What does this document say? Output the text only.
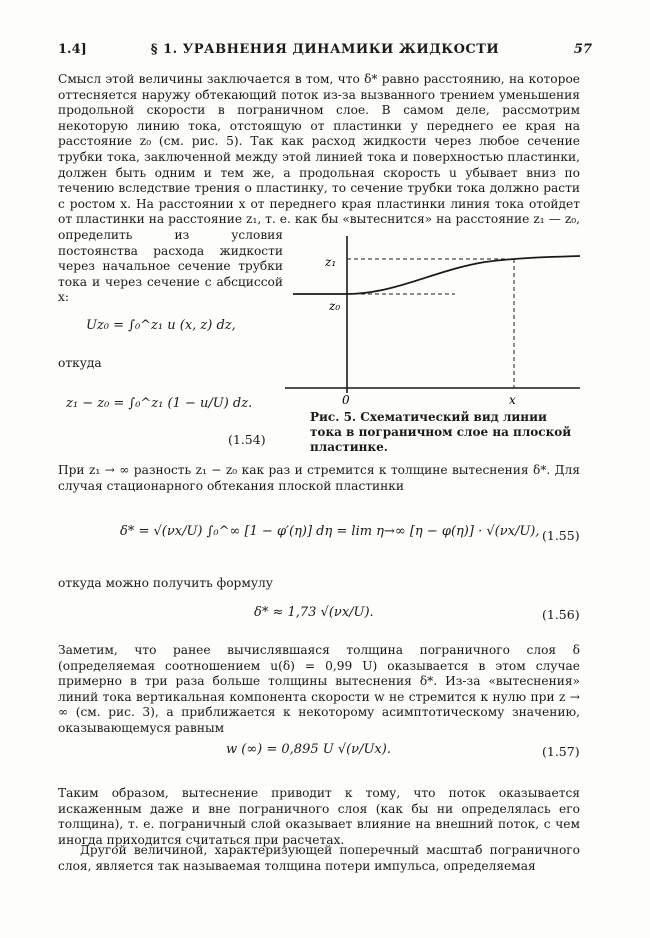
1.4]	§ 1. УРАВНЕНИЯ ДИНАМИКИ ЖИДКОСТИ	57
Смысл этой величины заключается в том, что δ* равно расстоянию, на которое оттесняется наружу обтекающий поток из-за вызванного трением уменьшения продольной скорости в пограничном слое. В самом деле, рассмотрим некоторую линию тока, отстоящую от пластинки у переднего ее края на расстояние z₀ (см. рис. 5). Так как расход жидкости через любое сечение трубки тока, заключенной между этой линией тока и поверхностью пластинки, должен быть одним и тем же, а продольная скорость u убывает вниз по течению вследствие трения о пластинку, то сечение трубки тока должно расти с ростом x. На расстоянии x от переднего края пластинки линия тока отойдет от пластинки на расстояние z₁, т. е. как бы «вытеснится» на расстояние z₁ — z₀,
определить из условия постоянства расхода жидкости через начальное сечение трубки тока и через сечение с абсциссой x:
Uz₀ = ∫₀^z₁ u (x, z) dz,
откуда
z₁ − z₀ = ∫₀^z₁ (1 − u/U) dz.
(1.54)
z₁
z₀
0	x
Рис. 5. Схематический вид линии тока в пограничном слое на плоской пластинке.
При z₁ → ∞ разность z₁ − z₀ как раз и стремится к толщине вытеснения δ*. Для случая стационарного обтекания плоской пластинки
δ* = √(νx/U) ∫₀^∞ [1 − φ′(η)] dη = lim η→∞ [η − φ(η)] · √(νx/U), (1.55)
откуда можно получить формулу
δ* ≈ 1,73 √(νx/U).	(1.56)
Заметим, что ранее вычислявшаяся толщина пограничного слоя δ (определяемая соотношением u(δ) = 0,99 U) оказывается в этом случае примерно в три раза больше толщины вытеснения δ*. Из-за «вытеснения» линий тока вертикальная компонента скорости w не стремится к нулю при z → ∞ (см. рис. 3), а приближается к некоторому асимптотическому значению, оказывающемуся равным
w (∞) = 0,895 U √(ν/Ux).	(1.57)
Таким образом, вытеснение приводит к тому, что поток оказывается искаженным даже и вне пограничного слоя (как бы ни определялась его толщина), т. е. пограничный слой оказывает влияние на внешний поток, с чем иногда приходится считаться при расчетах.
Другой величиной, характеризующей поперечный масштаб пограничного слоя, является так называемая толщина потери импульса, определяемая
